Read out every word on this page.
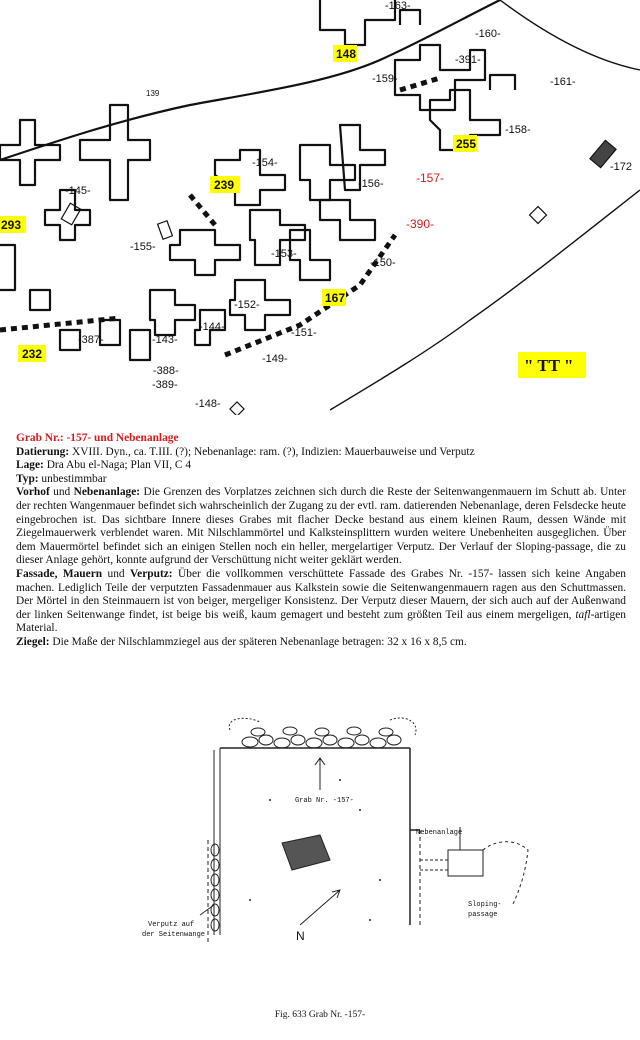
-163-
-160-
-391-
-161-
-159-
-158-
-172
-154-
-156-
-145-
-155-
-153-
-150-
-152-
-144-	-151-
-387-	-143-
-149-
-388-
-389-
-148-
139
148
255
239
293
167
232
-157-
-390-
" TT "

Grab Nr.: -157- und Nebenanlage

Datierung: XVIII. Dyn., ca. T.III. (?); Nebenanlage: ram. (?), Indizien: Mauerbauweise und Verputz

Lage: Dra Abu el-Naga; Plan VII, C 4

Typ: unbestimmbar

Vorhof und Nebenanlage: Die Grenzen des Vorplatzes zeichnen sich durch die Reste der Seitenwangenmauern im Schutt ab. Unter der rechten Wangenmauer befindet sich wahrscheinlich der Zugang zu der evtl. ram. datierenden Nebenanlage, deren Felsdecke heute eingebrochen ist. Das sichtbare Innere dieses Grabes mit flacher Decke bestand aus einem kleinen Raum, dessen Wände mit Ziegelmauerwerk verblendet waren. Mit Nilschlammörtel und Kalksteinsplittern wurden weitere Unebenheiten ausgeglichen. Über dem Mauermörtel befindet sich an einigen Stellen noch ein heller, mergelartiger Verputz. Der Verlauf der Sloping-passage, die zu dieser Anlage gehört, konnte aufgrund der Verschüttung nicht weiter geklärt werden.

Fassade, Mauern und Verputz: Über die vollkommen verschüttete Fassade des Grabes Nr. -157- lassen sich keine Angaben machen. Lediglich Teile der verputzten Fassadenmauer aus Kalkstein sowie die Seitenwangenmauern ragen aus den Schuttmassen. Der Mörtel in den Steinmauern ist von beiger, mergeliger Konsistenz. Der Verputz dieser Mauern, der sich auch auf der Außenwand der linken Seitenwange findet, ist beige bis weiß, kaum gemagert und besteht zum größten Teil aus einem mergeligen, tafl-artigen Material.

Ziegel: Die Maße der Nilschlammziegel aus der späteren Nebenanlage betragen: 32 x 16 x 8,5 cm.

Grab Nr. -157-
Nebenanlage
Sloping-
passage
Verputz auf
der Seitenwange	N
Fig. 633 Grab Nr. -157-
